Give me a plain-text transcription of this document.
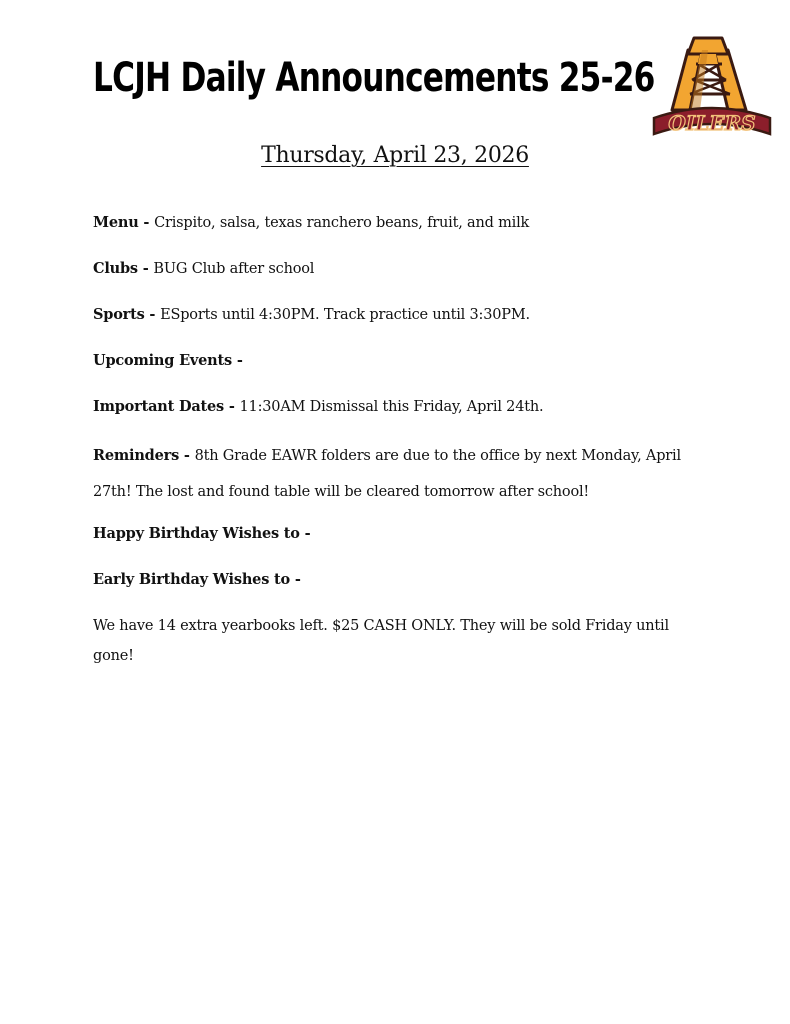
LCJH Daily Announcements 25-26
OILERS

Thursday, April 23, 2026

Menu - Crispito, salsa, texas ranchero beans, fruit, and milk

Clubs - BUG Club after school

Sports - ESports until 4:30PM. Track practice until 3:30PM.

Upcoming Events -

Important Dates - 11:30AM Dismissal this Friday, April 24th.

Reminders - 8th Grade EAWR folders are due to the office by next Monday, April 27th! The lost and found table will be cleared tomorrow after school!

Happy Birthday Wishes to -

Early Birthday Wishes to -

We have 14 extra yearbooks left. $25 CASH ONLY. They will be sold Friday until gone!
